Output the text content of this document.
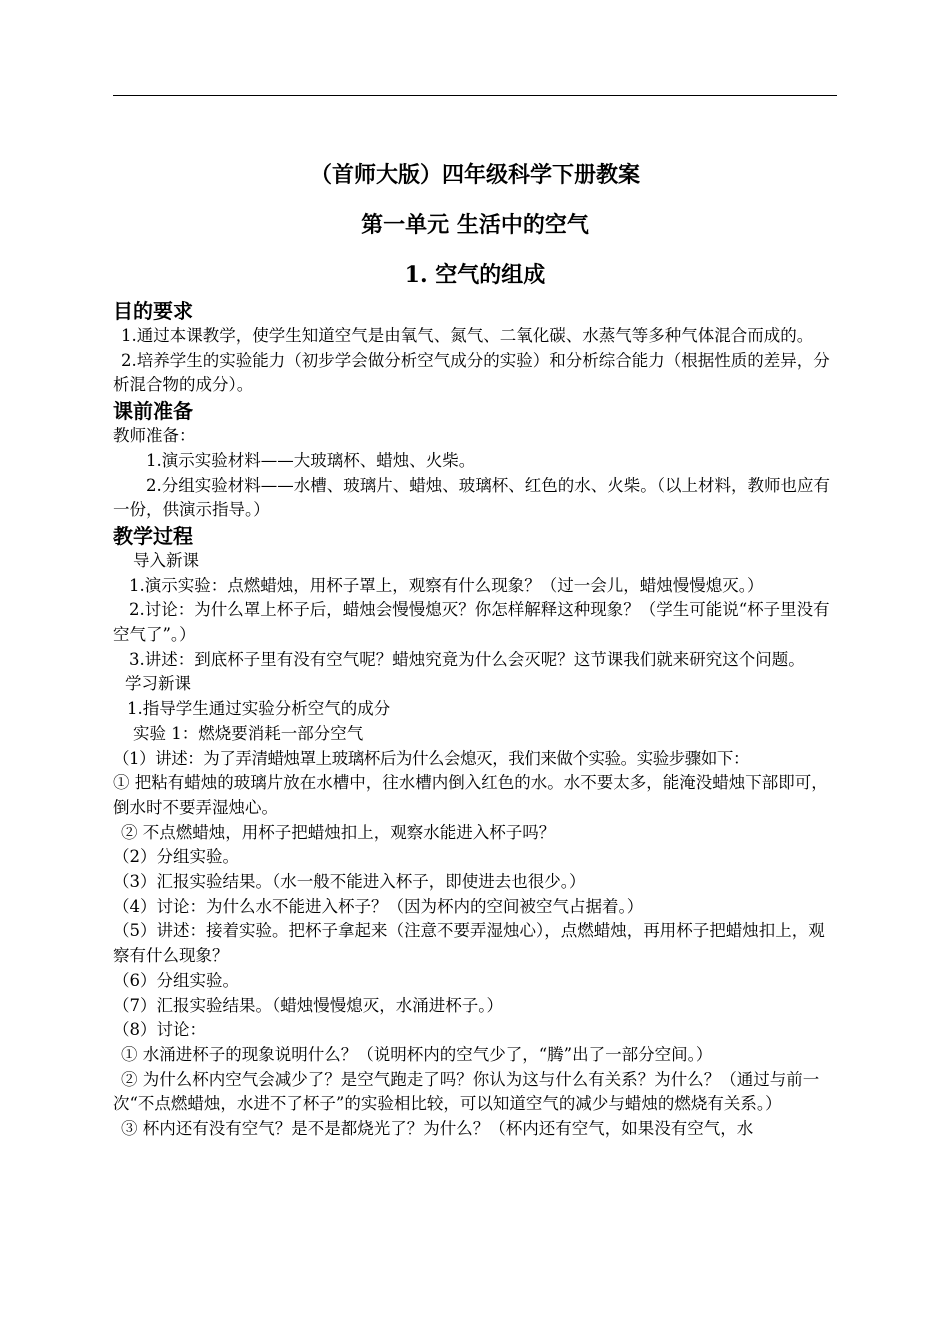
（首师大版）四年级科学下册教案
第一单元 生活中的空气
1. 空气的组成
目的要求

1.通过本课教学，使学生知道空气是由氧气、氮气、二氧化碳、水蒸气等多种气体混合而成的。

2.培养学生的实验能力（初步学会做分析空气成分的实验）和分析综合能力（根据性质的差异，分析混合物的成分）。

课前准备

教师准备：

1.演示实验材料——大玻璃杯、蜡烛、火柴。

2.分组实验材料——水槽、玻璃片、蜡烛、玻璃杯、红色的水、火柴。（以上材料，教师也应有一份，供演示指导。）

教学过程

导入新课

1.演示实验：点燃蜡烛，用杯子罩上，观察有什么现象？（过一会儿，蜡烛慢慢熄灭。）

2.讨论：为什么罩上杯子后，蜡烛会慢慢熄灭？你怎样解释这种现象？（学生可能说“杯子里没有空气了”。）

3.讲述：到底杯子里有没有空气呢？蜡烛究竟为什么会灭呢？这节课我们就来研究这个问题。

学习新课

1.指导学生通过实验分析空气的成分

实验 1：燃烧要消耗一部分空气

（1）讲述：为了弄清蜡烛罩上玻璃杯后为什么会熄灭，我们来做个实验。实验步骤如下：

① 把粘有蜡烛的玻璃片放在水槽中，往水槽内倒入红色的水。水不要太多，能淹没蜡烛下部即可，倒水时不要弄湿烛心。

② 不点燃蜡烛，用杯子把蜡烛扣上，观察水能进入杯子吗？

（2）分组实验。

（3）汇报实验结果。（水一般不能进入杯子，即使进去也很少。）

（4）讨论：为什么水不能进入杯子？（因为杯内的空间被空气占据着。）

（5）讲述：接着实验。把杯子拿起来（注意不要弄湿烛心），点燃蜡烛，再用杯子把蜡烛扣上，观察有什么现象？

（6）分组实验。

（7）汇报实验结果。（蜡烛慢慢熄灭，水涌进杯子。）

（8）讨论：

① 水涌进杯子的现象说明什么？（说明杯内的空气少了，“腾”出了一部分空间。）

② 为什么杯内空气会减少了？是空气跑走了吗？你认为这与什么有关系？为什么？（通过与前一次“不点燃蜡烛，水进不了杯子”的实验相比较，可以知道空气的减少与蜡烛的燃烧有关系。）

③ 杯内还有没有空气？是不是都烧光了？为什么？（杯内还有空气，如果没有空气，水
